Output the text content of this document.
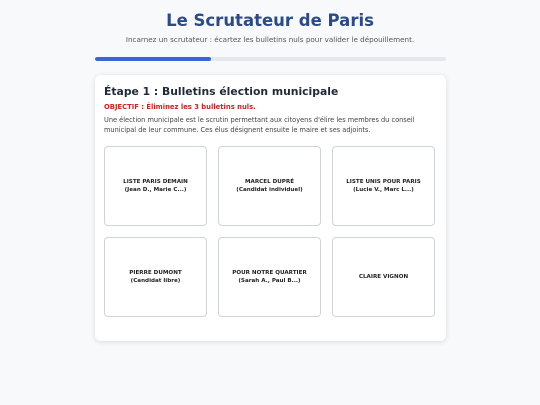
Le Scrutateur de Paris
Incarnez un scrutateur : écartez les bulletins nuls pour valider le dépouillement.
Étape 1 : Bulletins élection municipale
OBJECTIF : Éliminez les 3 bulletins nuls.
Une élection municipale est le scrutin permettant aux citoyens d'élire les membres du conseil municipal de leur commune. Ces élus désignent ensuite le maire et ses adjoints.
LISTE PARIS DEMAIN
(Jean D., Marie C...)
MARCEL DUPRÉ
(Candidat individuel)
LISTE UNIS POUR PARIS
(Lucie V., Marc L...)
PIERRE DUMONT
(Candidat libre)
POUR NOTRE QUARTIER
(Sarah A., Paul B...)
CLAIRE VIGNON
